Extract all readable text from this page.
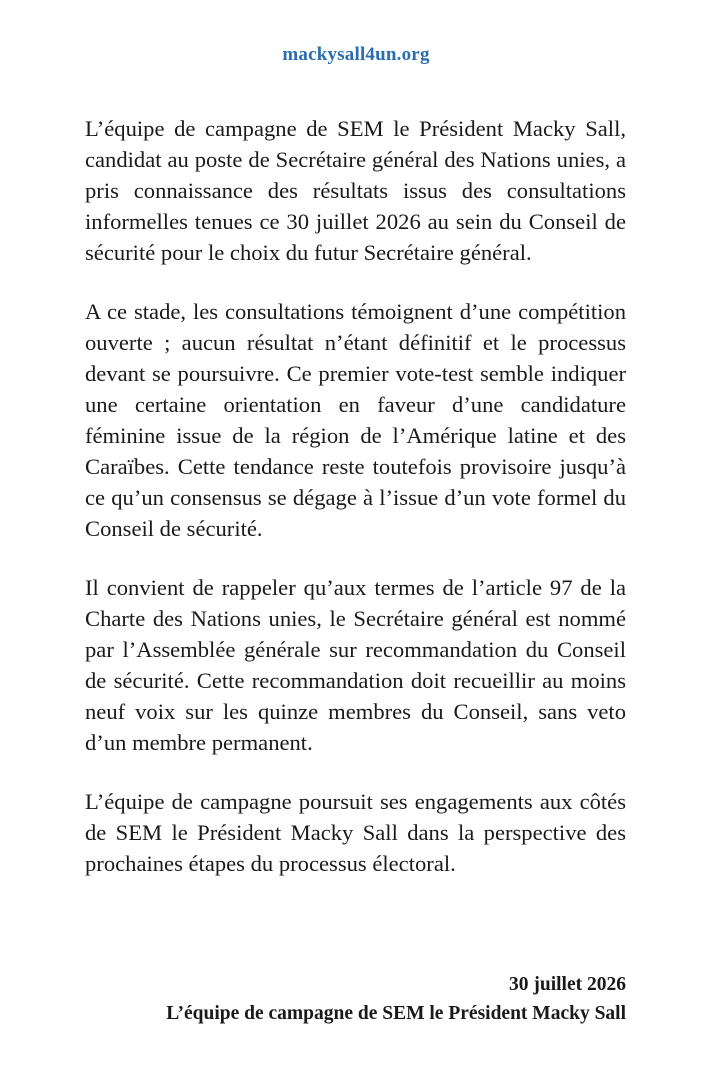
mackysall4un.org

L’équipe de campagne de SEM le Président Macky Sall, candidat au poste de Secrétaire général des Nations unies, a pris connaissance des résultats issus des consultations informelles tenues ce 30 juillet 2026 au sein du Conseil de sécurité pour le choix du futur Secrétaire général.

A ce stade, les consultations témoignent d’une compétition ouverte ; aucun résultat n’étant définitif et le processus devant se poursuivre. Ce premier vote-test semble indiquer une certaine orientation en faveur d’une candidature féminine issue de la région de l’Amérique latine et des Caraïbes. Cette tendance reste toutefois provisoire jusqu’à ce qu’un consensus se dégage à l’issue d’un vote formel du Conseil de sécurité.

Il convient de rappeler qu’aux termes de l’article 97 de la Charte des Nations unies, le Secrétaire général est nommé par l’Assemblée générale sur recommandation du Conseil de sécurité. Cette recommandation doit recueillir au moins neuf voix sur les quinze membres du Conseil, sans veto d’un membre permanent.

L’équipe de campagne poursuit ses engagements aux côtés de SEM le Président Macky Sall dans la perspective des prochaines étapes du processus électoral.

30 juillet 2026
L’équipe de campagne de SEM le Président Macky Sall
